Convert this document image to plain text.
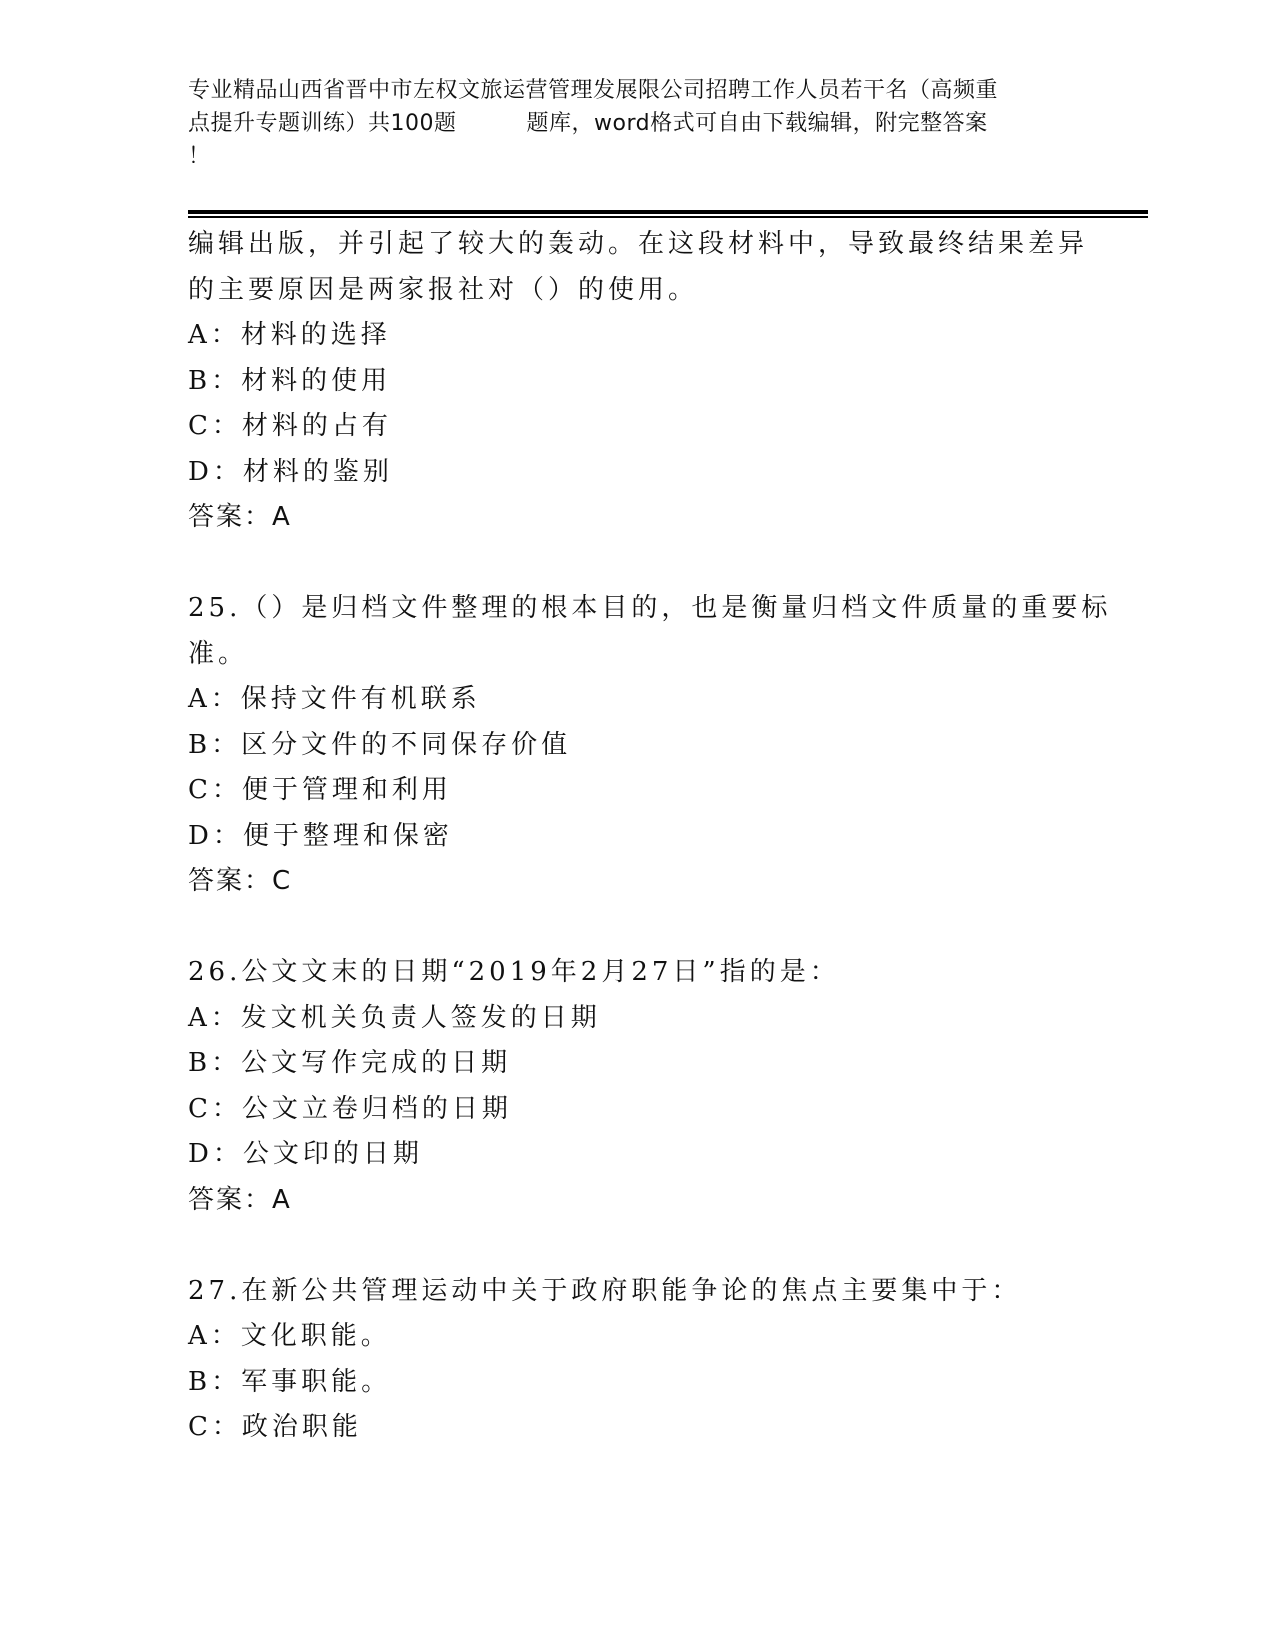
专业精品山西省晋中市左权文旅运营管理发展限公司招聘工作人员若干名（高频重
点提升专题训练）共100题	题库，word格式可自由下载编辑，附完整答案
！
编辑出版，并引起了较大的轰动。在这段材料中，导致最终结果差异
的主要原因是两家报社对（）的使用。
A：材料的选择
B：材料的使用
C：材料的占有
D：材料的鉴别
答案：A
25.（）是归档文件整理的根本目的，也是衡量归档文件质量的重要标
准。
A：保持文件有机联系
B：区分文件的不同保存价值
C：便于管理和利用
D：便于整理和保密
答案：C
26.公文文末的日期“2019年2月27日”指的是：
A：发文机关负责人签发的日期
B：公文写作完成的日期
C：公文立卷归档的日期
D：公文印的日期
答案：A
27.在新公共管理运动中关于政府职能争论的焦点主要集中于：
A：文化职能。
B：军事职能。
C：政治职能
